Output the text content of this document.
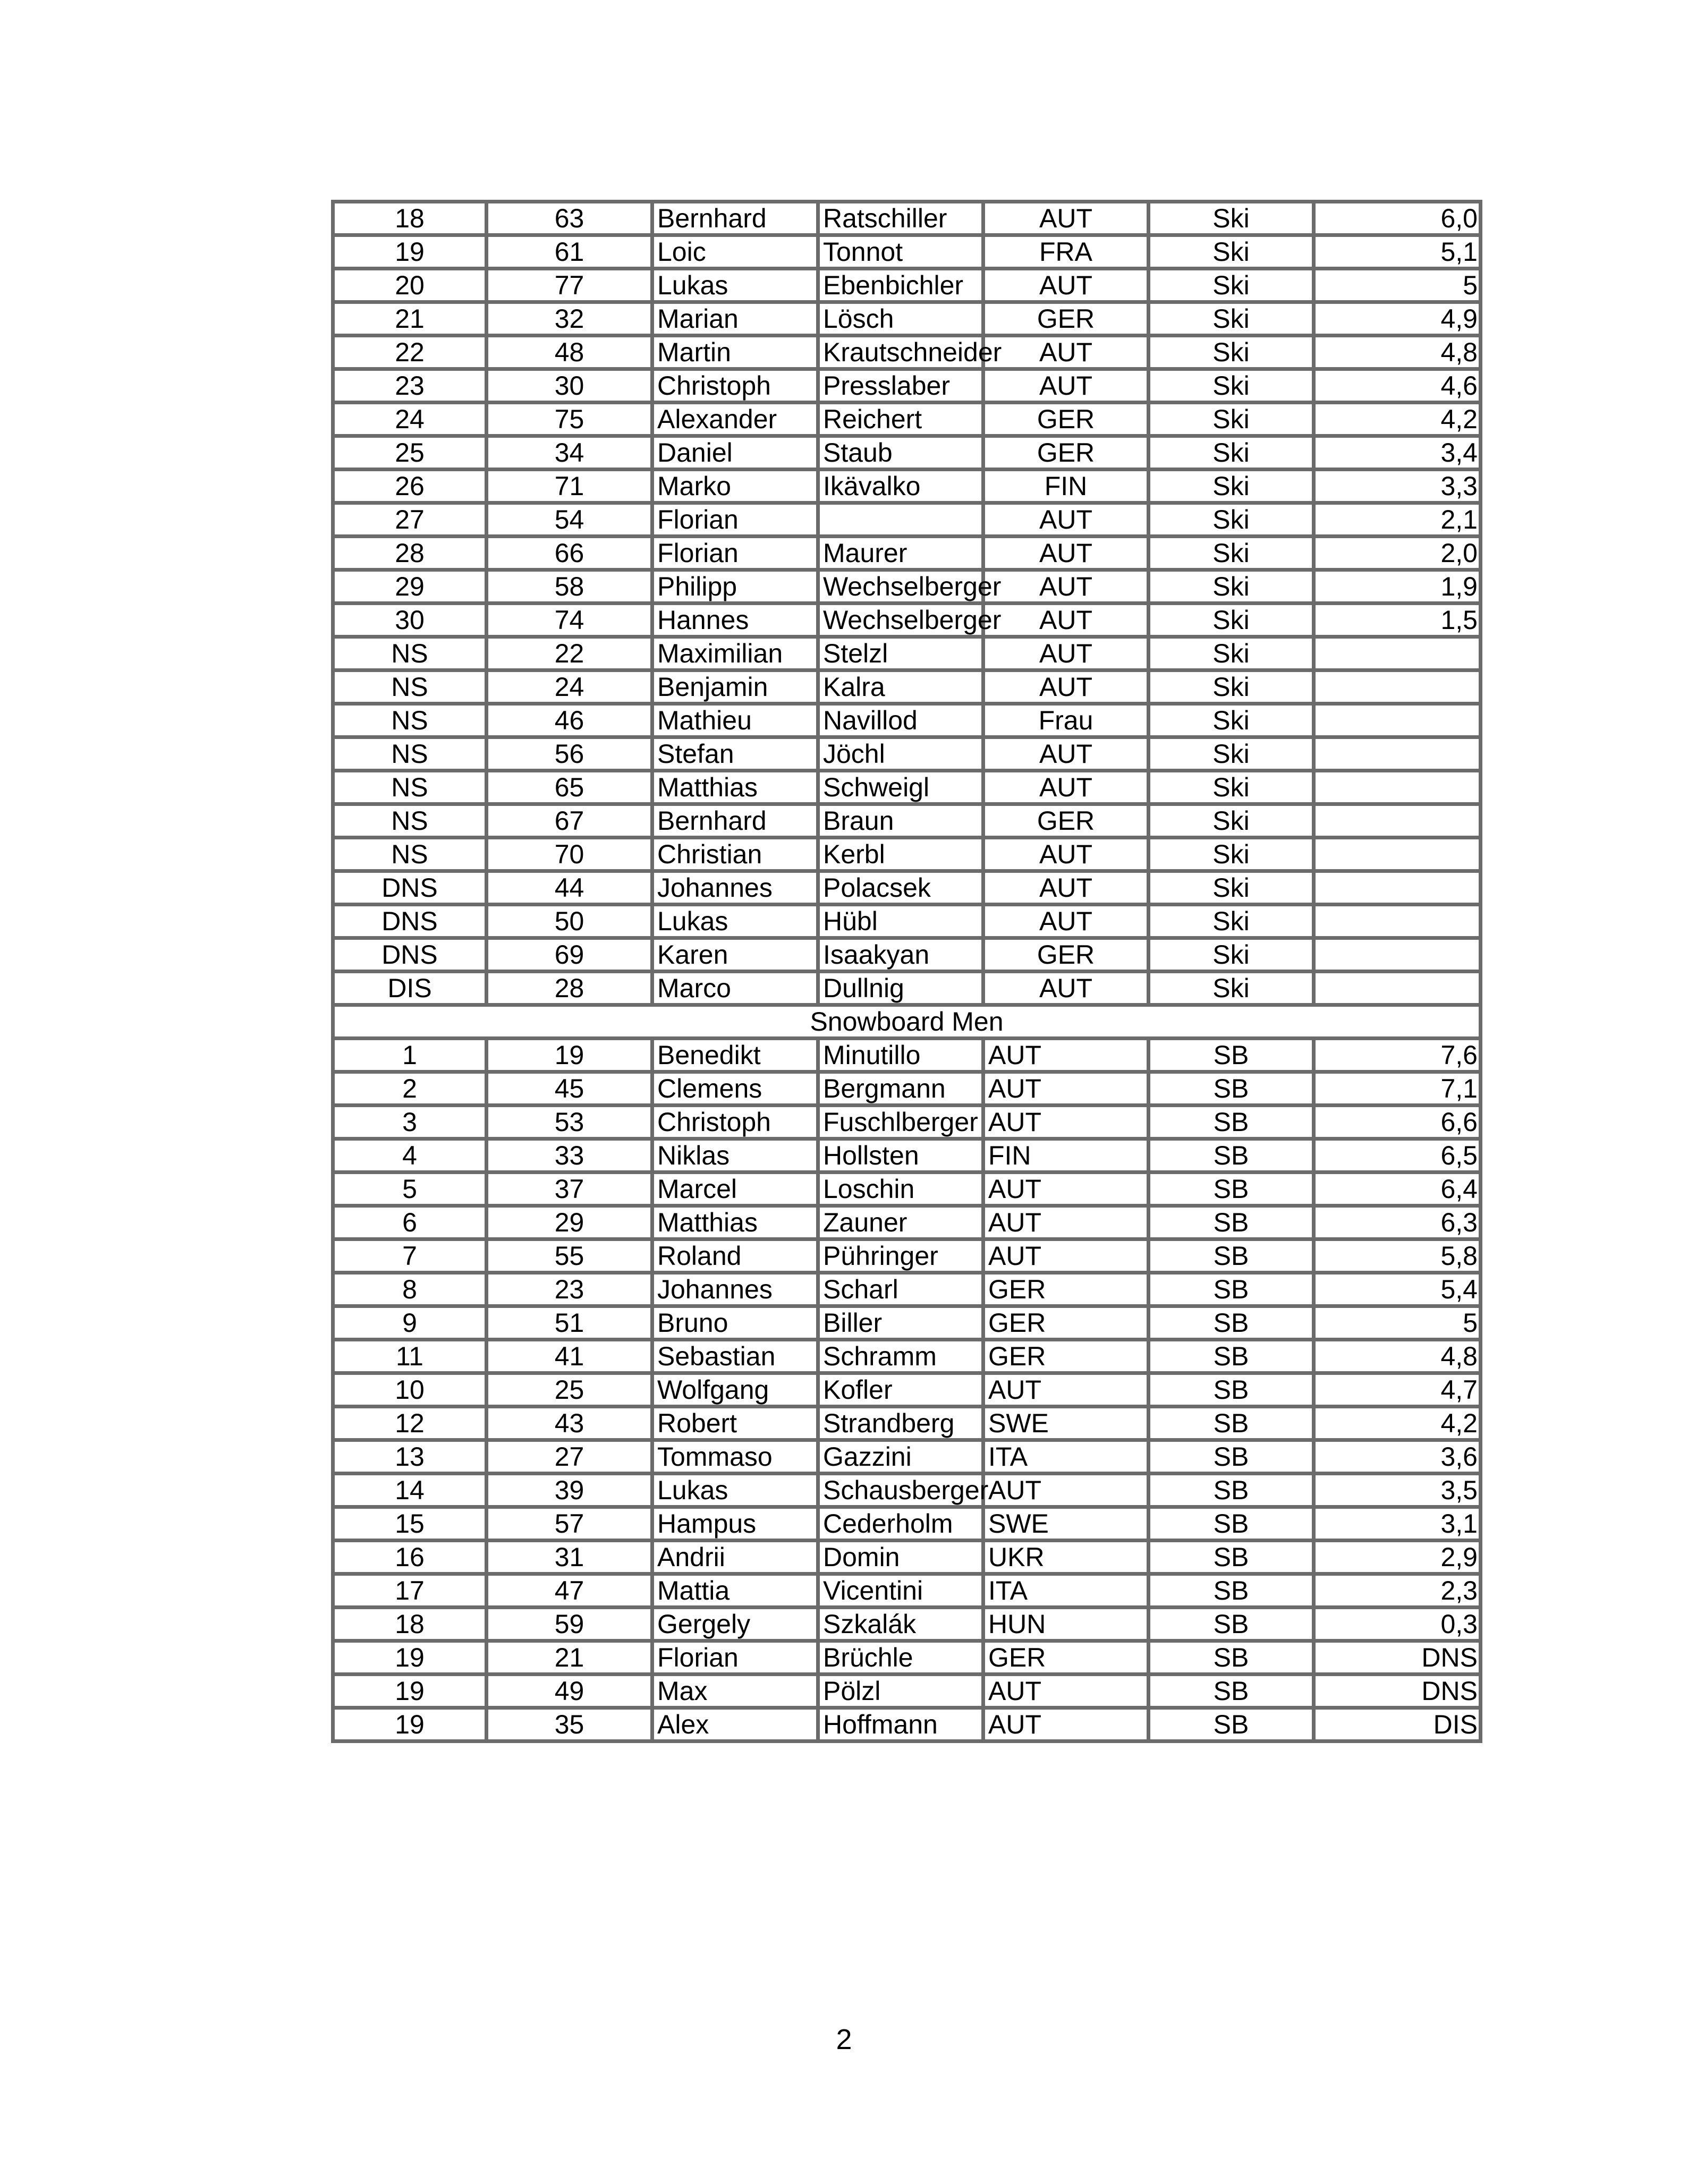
18	63	Bernhard	Ratschiller	AUT	Ski	6,0
19	61	Loic	Tonnot	FRA	Ski	5,1
20	77	Lukas	Ebenbichler	AUT	Ski	5
21	32	Marian	Lösch	GER	Ski	4,9
22	48	Martin	Krautschneider	AUT	Ski	4,8
23	30	Christoph	Presslaber	AUT	Ski	4,6
24	75	Alexander	Reichert	GER	Ski	4,2
25	34	Daniel	Staub	GER	Ski	3,4
26	71	Marko	Ikävalko	FIN	Ski	3,3
27	54	Florian		AUT	Ski	2,1
28	66	Florian	Maurer	AUT	Ski	2,0
29	58	Philipp	Wechselberger	AUT	Ski	1,9
30	74	Hannes	Wechselberger	AUT	Ski	1,5
NS	22	Maximilian	Stelzl	AUT	Ski	
NS	24	Benjamin	Kalra	AUT	Ski	
NS	46	Mathieu	Navillod	Frau	Ski	
NS	56	Stefan	Jöchl	AUT	Ski	
NS	65	Matthias	Schweigl	AUT	Ski	
NS	67	Bernhard	Braun	GER	Ski	
NS	70	Christian	Kerbl	AUT	Ski	
DNS	44	Johannes	Polacsek	AUT	Ski	
DNS	50	Lukas	Hübl	AUT	Ski	
DNS	69	Karen	Isaakyan	GER	Ski	
DIS	28	Marco	Dullnig	AUT	Ski	
Snowboard Men						
1	19	Benedikt	Minutillo	AUT	SB	7,6
2	45	Clemens	Bergmann	AUT	SB	7,1
3	53	Christoph	Fuschlberger	AUT	SB	6,6
4	33	Niklas	Hollsten	FIN	SB	6,5
5	37	Marcel	Loschin	AUT	SB	6,4
6	29	Matthias	Zauner	AUT	SB	6,3
7	55	Roland	Pühringer	AUT	SB	5,8
8	23	Johannes	Scharl	GER	SB	5,4
9	51	Bruno	Biller	GER	SB	5
11	41	Sebastian	Schramm	GER	SB	4,8
10	25	Wolfgang	Kofler	AUT	SB	4,7
12	43	Robert	Strandberg	SWE	SB	4,2
13	27	Tommaso	Gazzini	ITA	SB	3,6
14	39	Lukas	Schausberger	AUT	SB	3,5
15	57	Hampus	Cederholm	SWE	SB	3,1
16	31	Andrii	Domin	UKR	SB	2,9
17	47	Mattia	Vicentini	ITA	SB	2,3
18	59	Gergely	Szkalák	HUN	SB	0,3
19	21	Florian	Brüchle	GER	SB	DNS
19	49	Max	Pölzl	AUT	SB	DNS
19	35	Alex	Hoffmann	AUT	SB	DIS
2
